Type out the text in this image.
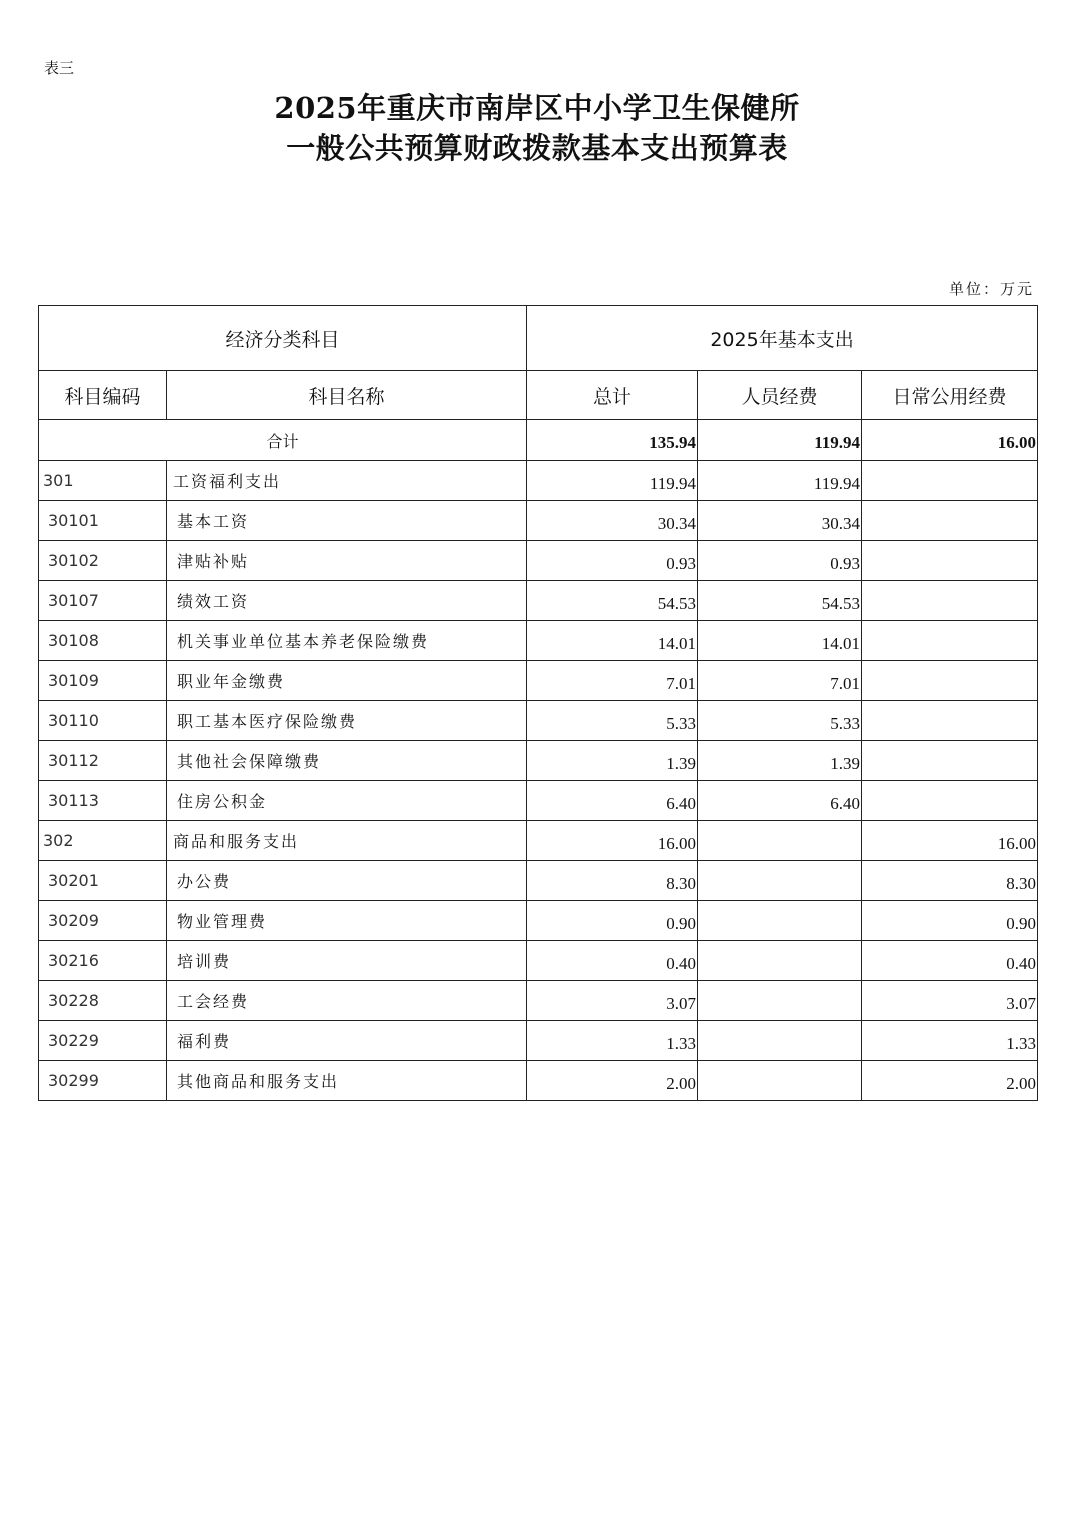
表三
2025年重庆市南岸区中小学卫生保健所
一般公共预算财政拨款基本支出预算表
单位：万元
经济分类科目		2025年基本支出		
科目编码	科目名称	总计	人员经费	日常公用经费
合计		135.94	119.94	16.00
301	工资福利支出	119.94	119.94	
30101	基本工资	30.34	30.34	
30102	津贴补贴	0.93	0.93	
30107	绩效工资	54.53	54.53	
30108	机关事业单位基本养老保险缴费	14.01	14.01	
30109	职业年金缴费	7.01	7.01	
30110	职工基本医疗保险缴费	5.33	5.33	
30112	其他社会保障缴费	1.39	1.39	
30113	住房公积金	6.40	6.40	
302	商品和服务支出	16.00		16.00
30201	办公费	8.30		8.30
30209	物业管理费	0.90		0.90
30216	培训费	0.40		0.40
30228	工会经费	3.07		3.07
30229	福利费	1.33		1.33
30299	其他商品和服务支出	2.00		2.00
